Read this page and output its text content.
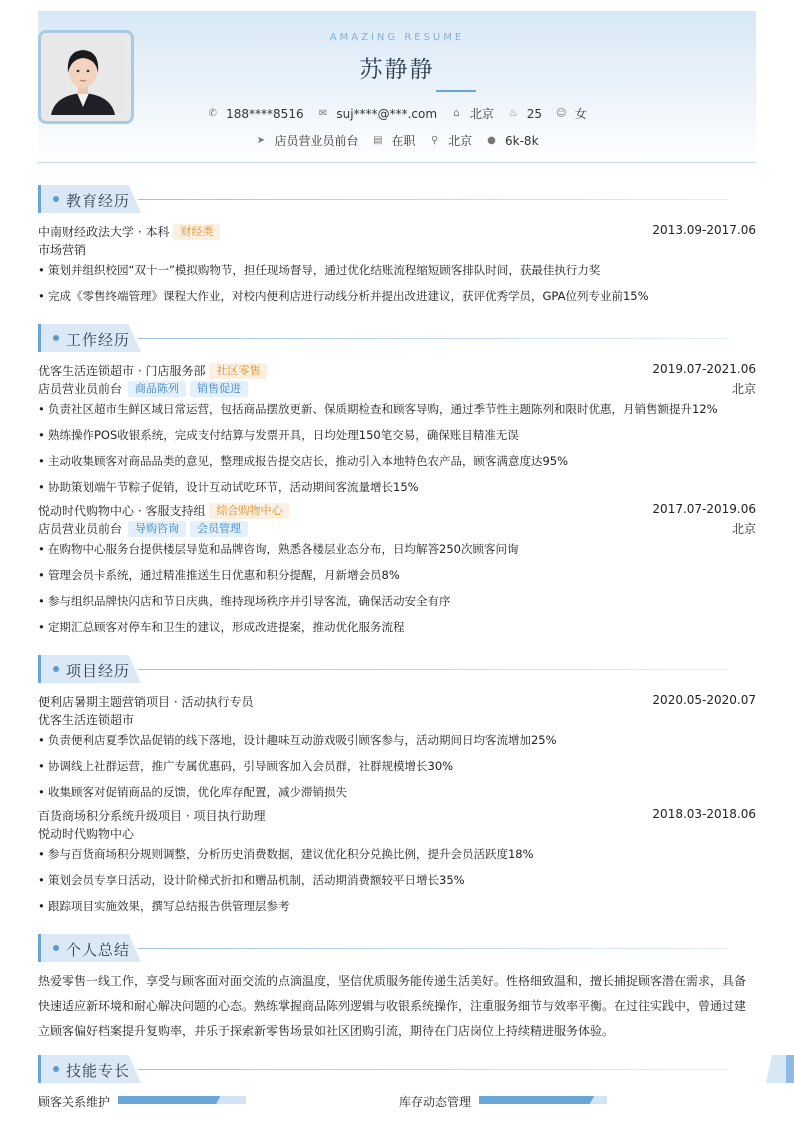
AMAZING RESUME
苏静静
✆ 188****8516
✉ suj****@***.com
⌂ 北京
♨ 25
☺ 女
➤ 店员营业员前台
▤ 在职
⚲ 北京
● 6k-8k
教育经历
中南财经政法大学 · 本科 财经类	2013.09-2017.06
市场营销
• 策划并组织校园“双十一”模拟购物节，担任现场督导，通过优化结账流程缩短顾客排队时间，获最佳执行力奖
• 完成《零售终端管理》课程大作业，对校内便利店进行动线分析并提出改进建议，获评优秀学员，GPA位列专业前15%
工作经历
优客生活连锁超市 · 门店服务部 社区零售	2019.07-2021.06
店员营业员前台 商品陈列 销售促进	北京
• 负责社区超市生鲜区域日常运营，包括商品摆放更新、保质期检查和顾客导购，通过季节性主题陈列和限时优惠，月销售额提升12%
• 熟练操作POS收银系统，完成支付结算与发票开具，日均处理150笔交易，确保账目精准无误
• 主动收集顾客对商品品类的意见，整理成报告提交店长，推动引入本地特色农产品，顾客满意度达95%
• 协助策划端午节粽子促销，设计互动试吃环节，活动期间客流量增长15%
悦动时代购物中心 · 客服支持组 综合购物中心	2017.07-2019.06
店员营业员前台 导购咨询 会员管理	北京
• 在购物中心服务台提供楼层导览和品牌咨询，熟悉各楼层业态分布，日均解答250次顾客问询
• 管理会员卡系统，通过精准推送生日优惠和积分提醒，月新增会员8%
• 参与组织品牌快闪店和节日庆典，维持现场秩序并引导客流，确保活动安全有序
• 定期汇总顾客对停车和卫生的建议，形成改进提案，推动优化服务流程
项目经历
便利店暑期主题营销项目 · 活动执行专员	2020.05-2020.07
优客生活连锁超市
• 负责便利店夏季饮品促销的线下落地，设计趣味互动游戏吸引顾客参与，活动期间日均客流增加25%
• 协调线上社群运营，推广专属优惠码，引导顾客加入会员群，社群规模增长30%
• 收集顾客对促销商品的反馈，优化库存配置，减少滞销损失
百货商场积分系统升级项目 · 项目执行助理	2018.03-2018.06
悦动时代购物中心
• 参与百货商场积分规则调整，分析历史消费数据，建议优化积分兑换比例，提升会员活跃度18%
• 策划会员专享日活动，设计阶梯式折扣和赠品机制，活动期消费额较平日增长35%
• 跟踪项目实施效果，撰写总结报告供管理层参考
个人总结
热爱零售一线工作，享受与顾客面对面交流的点滴温度，坚信优质服务能传递生活美好。性格细致温和，擅长捕捉顾客潜在需求，具备快速适应新环境和耐心解决问题的心态。熟练掌握商品陈列逻辑与收银系统操作，注重服务细节与效率平衡。在过往实践中，曾通过建立顾客偏好档案提升复购率，并乐于探索新零售场景如社区团购引流，期待在门店岗位上持续精进服务体验。
技能专长
顾客关系维护	库存动态管理
